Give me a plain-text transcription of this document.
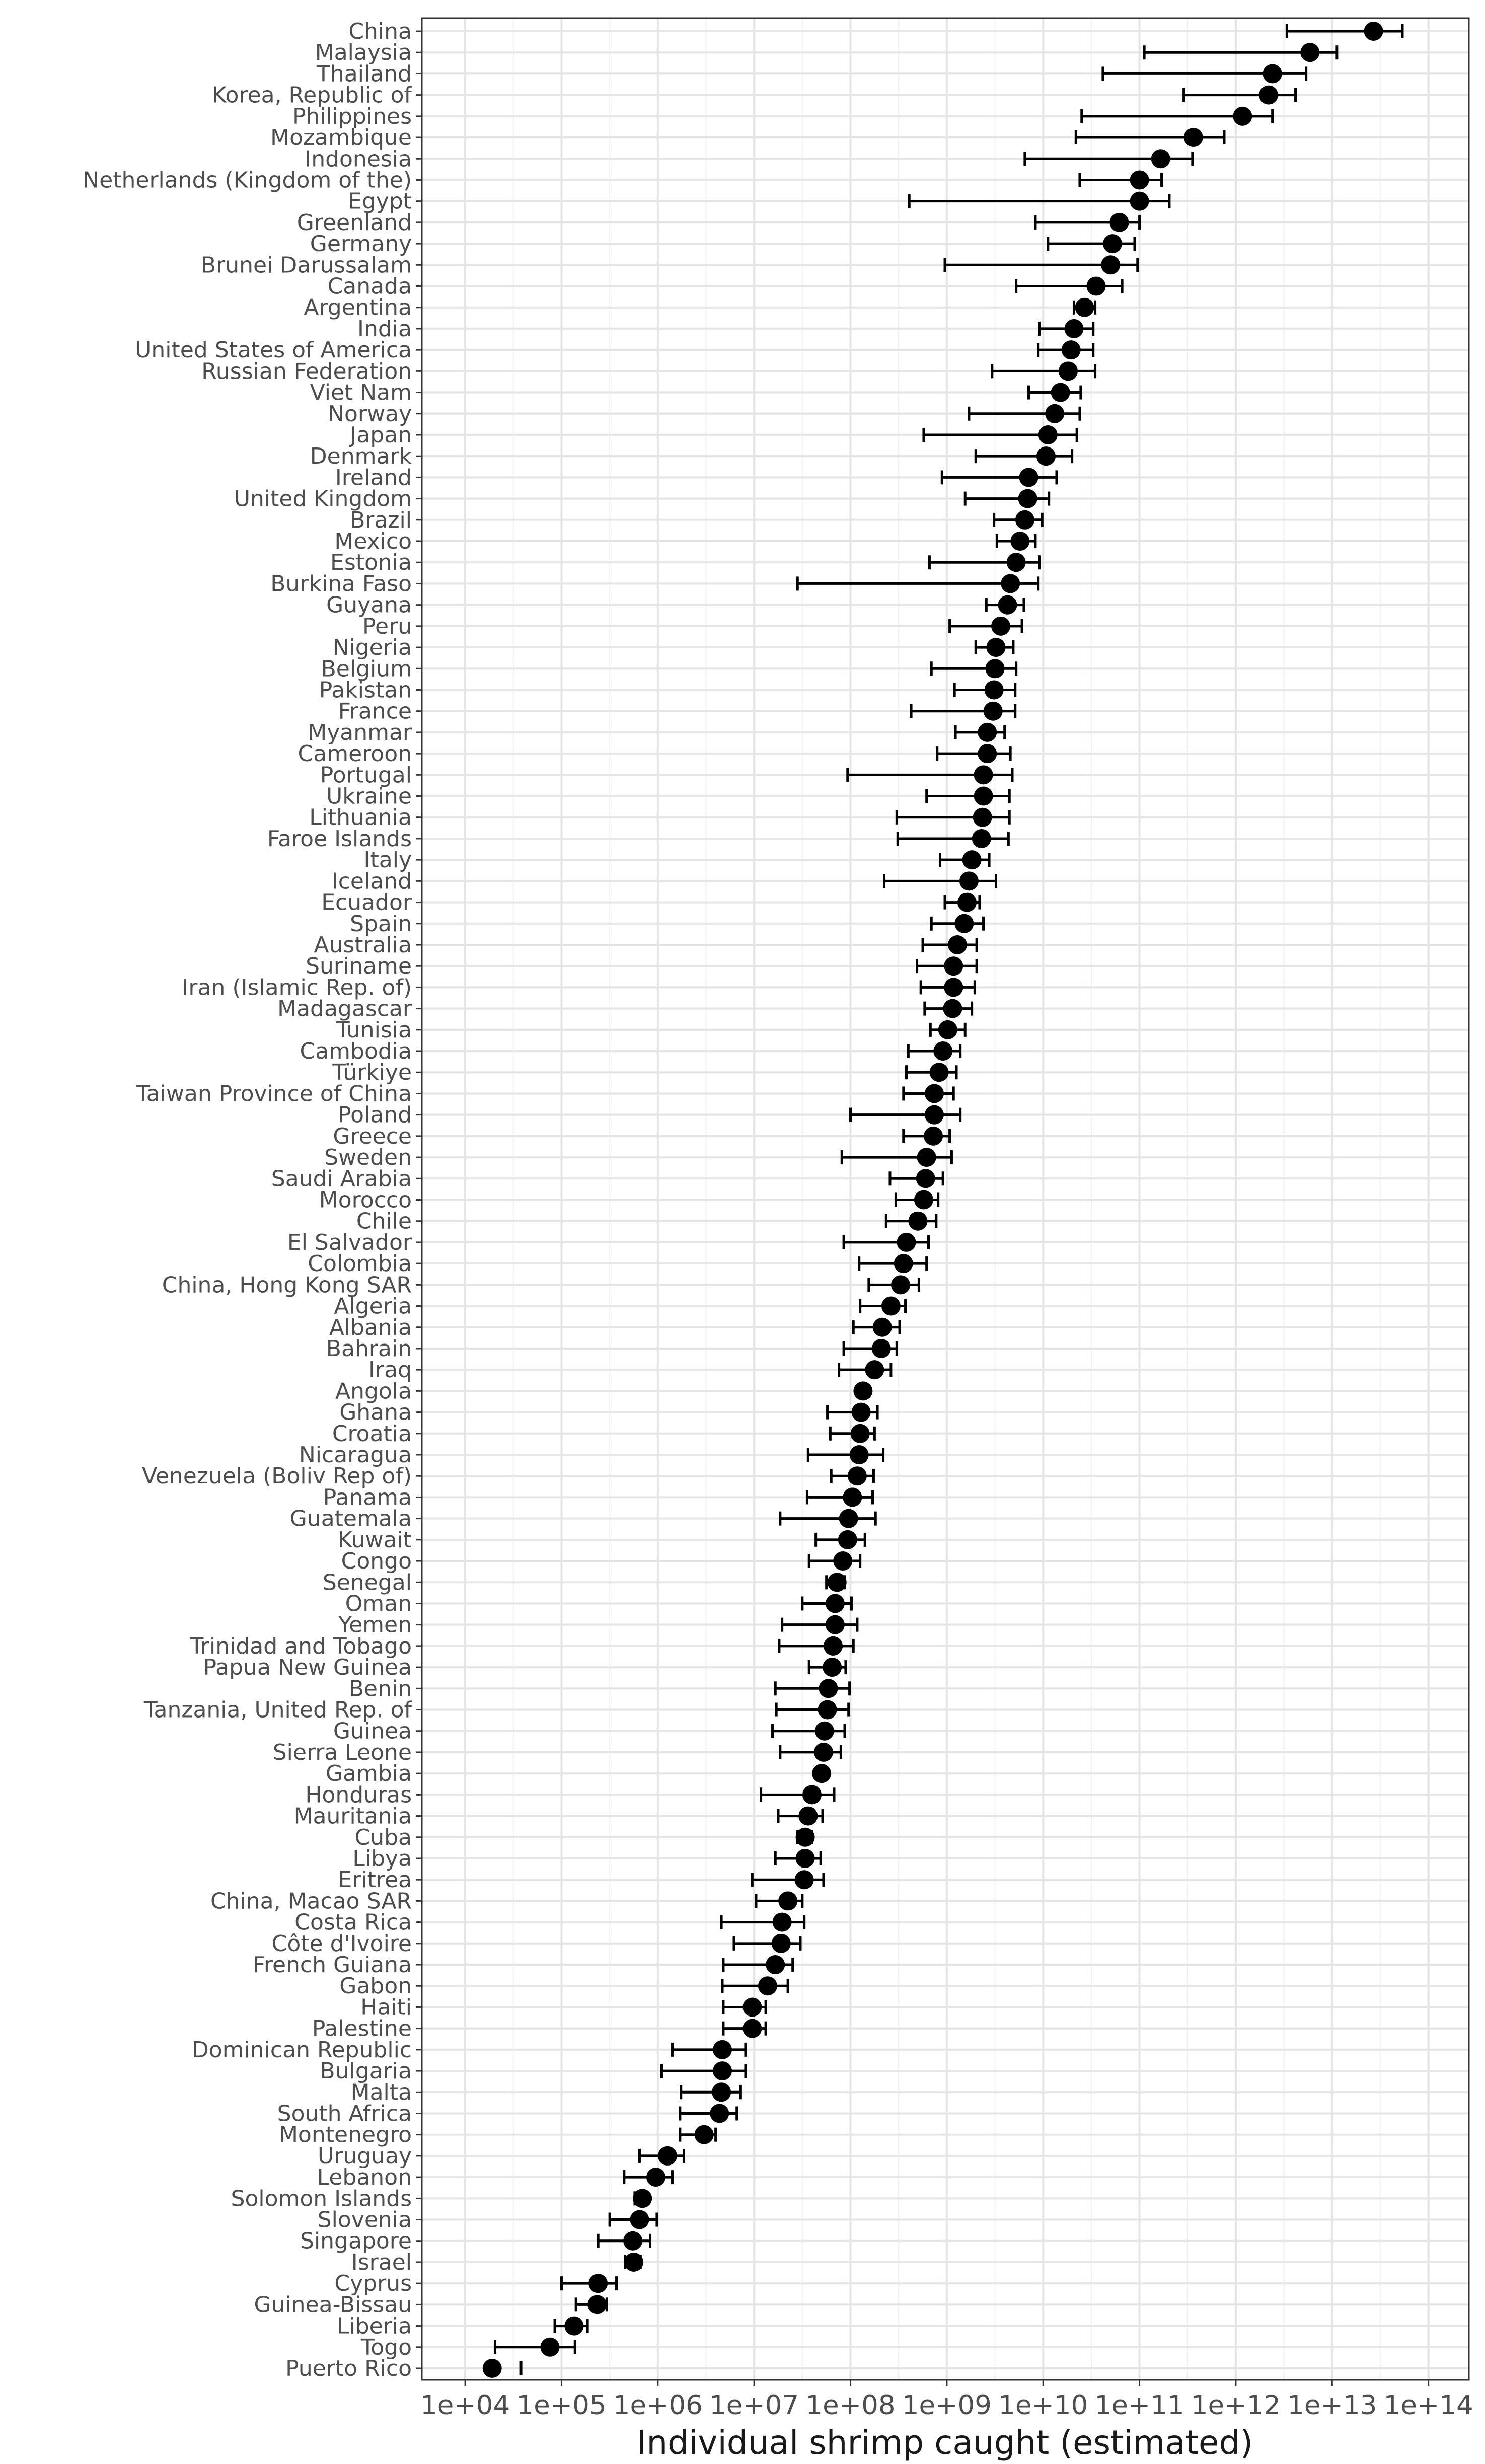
China
Malaysia
Thailand
Korea, Republic of
Philippines
Mozambique
Indonesia
Netherlands (Kingdom of the)
Egypt
Greenland
Germany
Brunei Darussalam
Canada
Argentina
India
United States of America
Russian Federation
Viet Nam
Norway
Japan
Denmark
Ireland
United Kingdom
Brazil
Mexico
Estonia
Burkina Faso
Guyana
Peru
Nigeria
Belgium
Pakistan
France
Myanmar
Cameroon
Portugal
Ukraine
Lithuania
Faroe Islands
Italy
Iceland
Ecuador
Spain
Australia
Suriname
Iran (Islamic Rep. of)
Madagascar
Tunisia
Cambodia
Türkiye
Taiwan Province of China
Poland
Greece
Sweden
Saudi Arabia
Morocco
Chile
El Salvador
Colombia
China, Hong Kong SAR
Algeria
Albania
Bahrain
Iraq
Angola
Ghana
Croatia
Nicaragua
Venezuela (Boliv Rep of)
Panama
Guatemala
Kuwait
Congo
Senegal
Oman
Yemen
Trinidad and Tobago
Papua New Guinea
Benin
Tanzania, United Rep. of
Guinea
Sierra Leone
Gambia
Honduras
Mauritania
Cuba
Libya
Eritrea
China, Macao SAR
Costa Rica
Côte d'Ivoire
French Guiana
Gabon
Haiti
Palestine
Dominican Republic
Bulgaria
Malta
South Africa
Montenegro
Uruguay
Lebanon
Solomon Islands
Slovenia
Singapore
Israel
Cyprus
Guinea-Bissau
Liberia
Togo
Puerto Rico
1e+04 1e+05 1e+06 1e+07 1e+08 1e+09 1e+10 1e+11 1e+12 1e+13 1e+14
Individual shrimp caught (estimated)
